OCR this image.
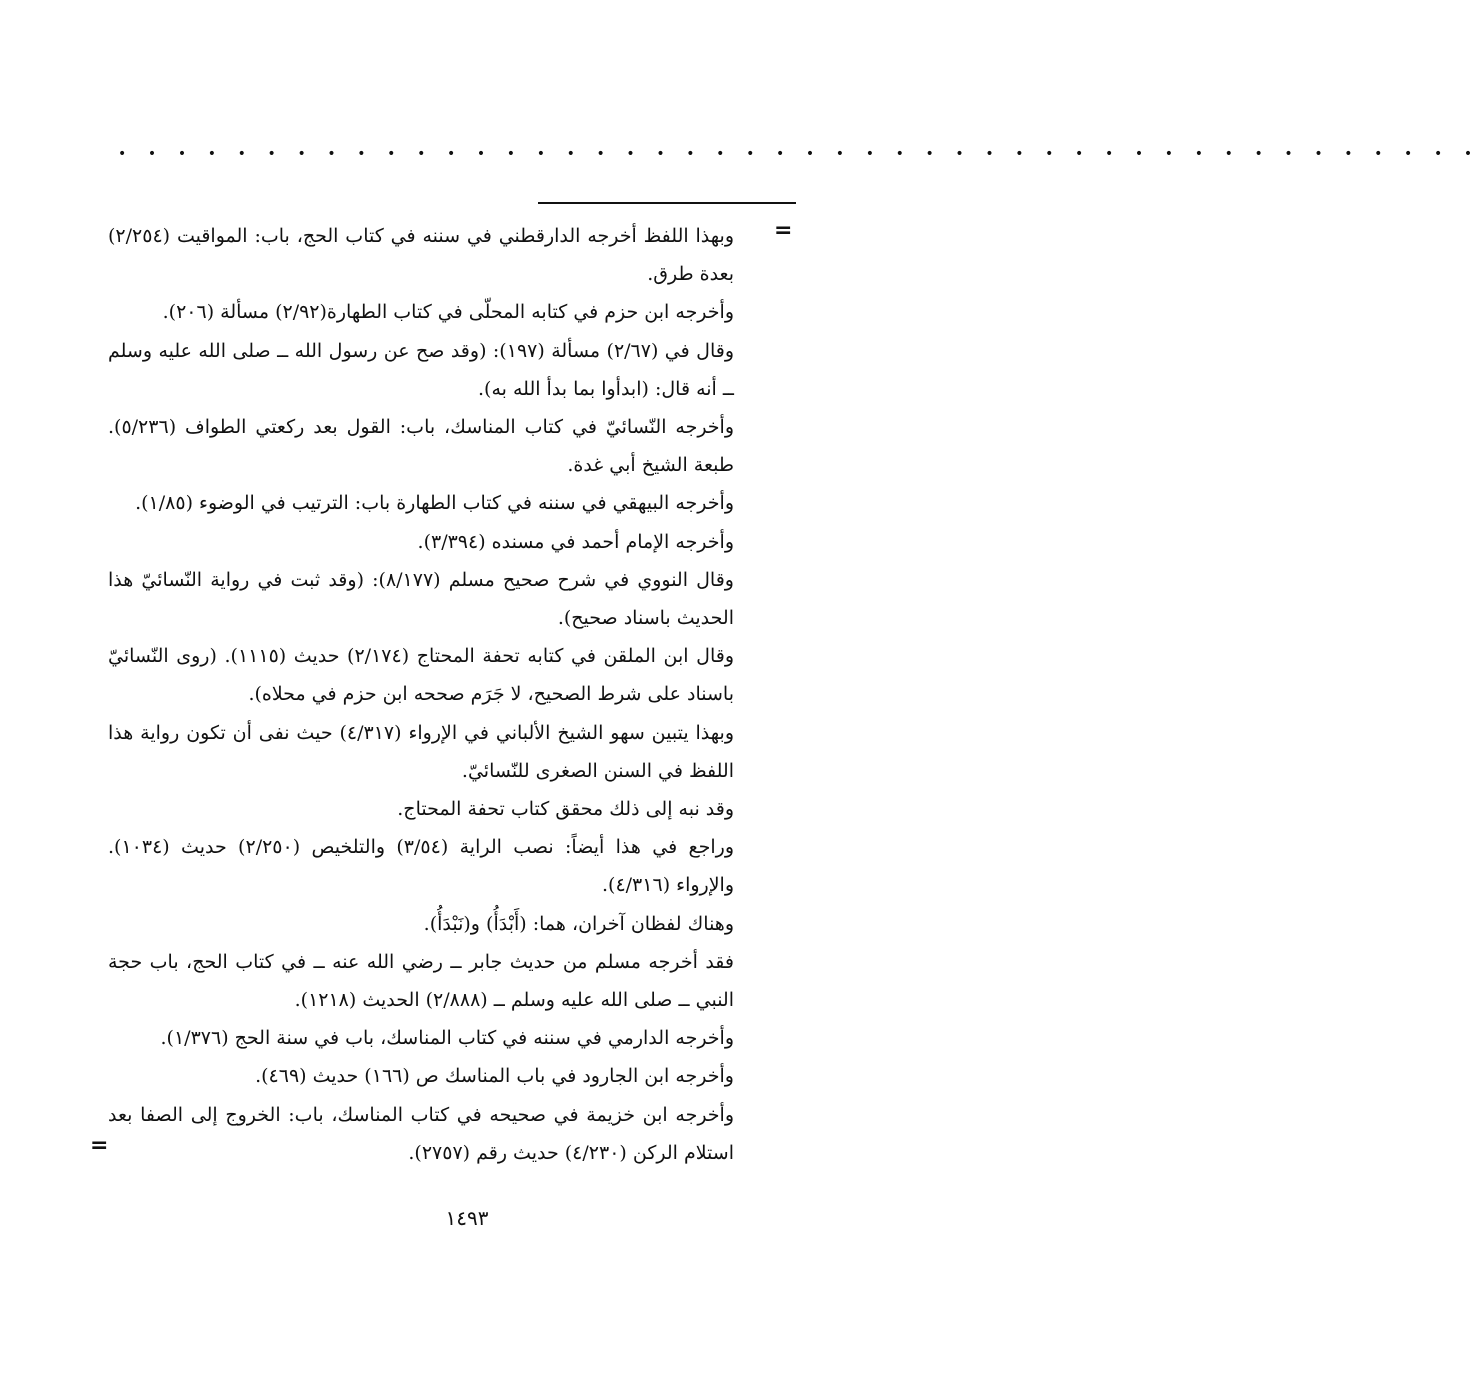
• • • • • • • • • • • • • • • • • • • • • • • • • • • • • • • • • • • • • • • • • • • • • •
=

وبهذا اللفظ أخرجه الدارقطني في سننه في كتاب الحج، باب: المواقيت (٢/٢٥٤) بعدة طرق.

وأخرجه ابن حزم في كتابه المحلّى في كتاب الطهارة(٢/٩٢) مسألة (٢٠٦).

وقال في (٢/٦٧) مسألة (١٩٧): (وقد صح عن رسول الله ــ صلى الله عليه وسلم ــ أنه قال: (ابدأوا بما بدأ الله به).

وأخرجه النّسائيّ في كتاب المناسك، باب: القول بعد ركعتي الطواف (٥/٢٣٦). طبعة الشيخ أبي غدة.

وأخرجه البيهقي في سننه في كتاب الطهارة باب: الترتيب في الوضوء (١/٨٥).

وأخرجه الإمام أحمد في مسنده (٣/٣٩٤).

وقال النووي في شرح صحيح مسلم (٨/١٧٧): (وقد ثبت في رواية النّسائيّ هذا الحديث باسناد صحيح).

وقال ابن الملقن في كتابه تحفة المحتاج (٢/١٧٤) حديث (١١١٥). (روى النّسائيّ باسناد على شرط الصحيح، لا جَرَم صححه ابن حزم في محلاه).

وبهذا يتبين سهو الشيخ الألباني في الإرواء (٤/٣١٧) حيث نفى أن تكون رواية هذا اللفظ في السنن الصغرى للنّسائيّ.

وقد نبه إلى ذلك محقق كتاب تحفة المحتاج.

وراجع في هذا أيضاً: نصب الراية (٣/٥٤) والتلخيص (٢/٢٥٠) حديث (١٠٣٤). والإرواء (٤/٣١٦).

وهناك لفظان آخران، هما: (أَبْدَأُ) و(نَبْدَأُ).

فقد أخرجه مسلم من حديث جابر ــ رضي الله عنه ــ في كتاب الحج، باب حجة النبي ــ صلى الله عليه وسلم ــ (٢/٨٨٨) الحديث (١٢١٨).

وأخرجه الدارمي في سننه في كتاب المناسك، باب في سنة الحج (١/٣٧٦).

وأخرجه ابن الجارود في باب المناسك ص (١٦٦) حديث (٤٦٩).

وأخرجه ابن خزيمة في صحيحه في كتاب المناسك، باب: الخروج إلى الصفا بعد استلام الركن (٤/٢٣٠) حديث رقم (٢٧٥٧).

=
١٤٩٣
